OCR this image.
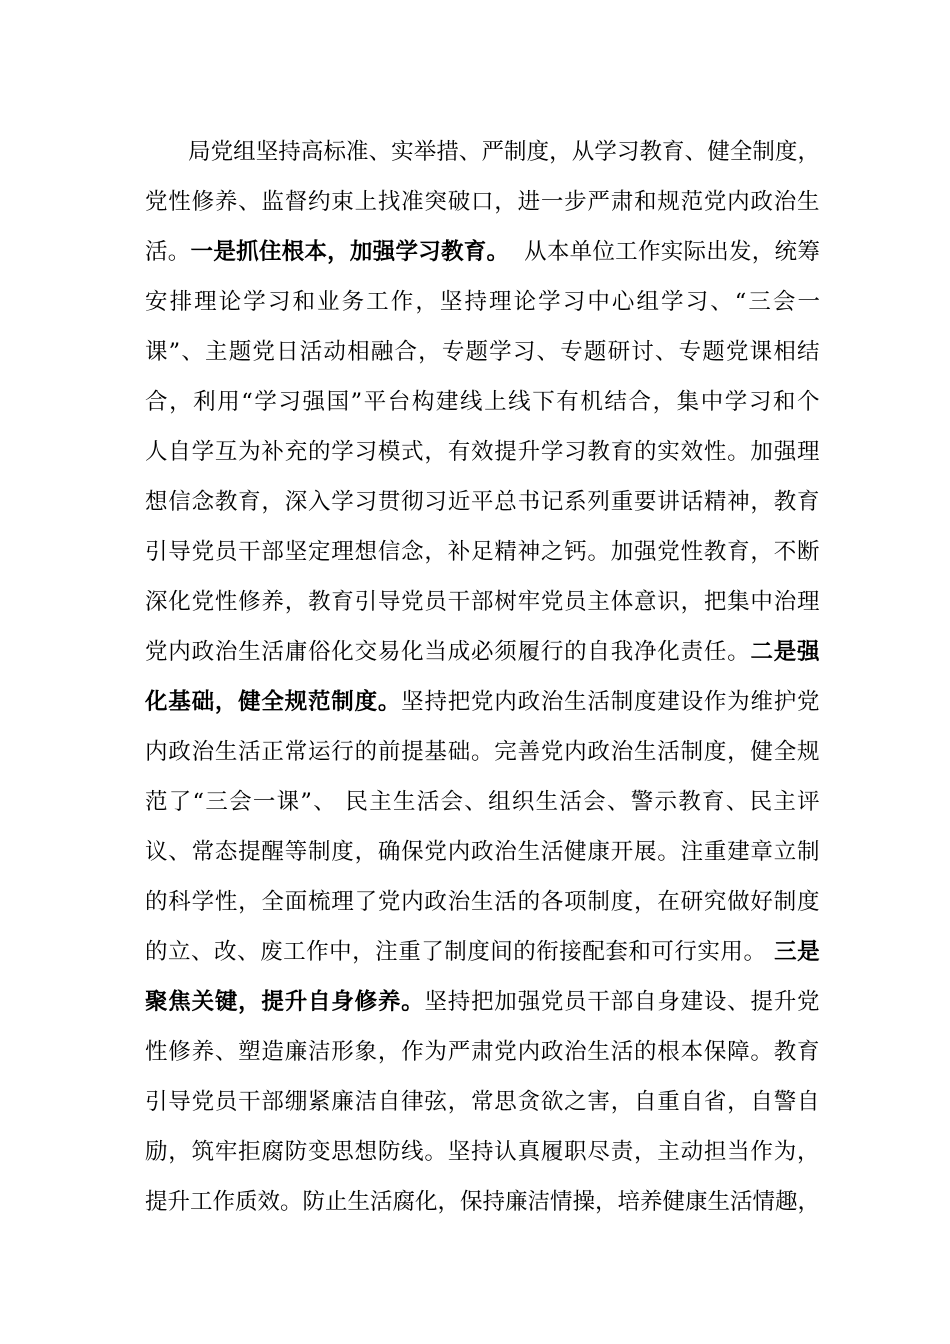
局党组坚持高标准、实举措、严制度，从学习教育、健全制度，
党性修养、监督约束上找准突破口，进一步严肃和规范党内政治生
活。一是抓住根本，加强学习教育。  从本单位工作实际出发，统筹
安排理论学习和业务工作，坚持理论学习中心组学习、“三会一
课”、主题党日活动相融合，专题学习、专题研讨、专题党课相结
合，利用“学习强国”平台构建线上线下有机结合，集中学习和个
人自学互为补充的学习模式，有效提升学习教育的实效性。加强理
想信念教育，深入学习贯彻习近平总书记系列重要讲话精神，教育
引导党员干部坚定理想信念，补足精神之钙。加强党性教育，不断
深化党性修养，教育引导党员干部树牢党员主体意识，把集中治理
党内政治生活庸俗化交易化当成必须履行的自我净化责任。二是强
化基础，健全规范制度。坚持把党内政治生活制度建设作为维护党
内政治生活正常运行的前提基础。完善党内政治生活制度，健全规
范了“三会一课”、 民主生活会、组织生活会、警示教育、民主评
议、常态提醒等制度，确保党内政治生活健康开展。注重建章立制
的科学性，全面梳理了党内政治生活的各项制度，在研究做好制度
的立、改、废工作中，注重了制度间的衔接配套和可行实用。 三是
聚焦关键，提升自身修养。坚持把加强党员干部自身建设、提升党
性修养、塑造廉洁形象，作为严肃党内政治生活的根本保障。教育
引导党员干部绷紧廉洁自律弦，常思贪欲之害，自重自省，自警自
励，筑牢拒腐防变思想防线。坚持认真履职尽责，主动担当作为，
提升工作质效。防止生活腐化，保持廉洁情操，培养健康生活情趣，
